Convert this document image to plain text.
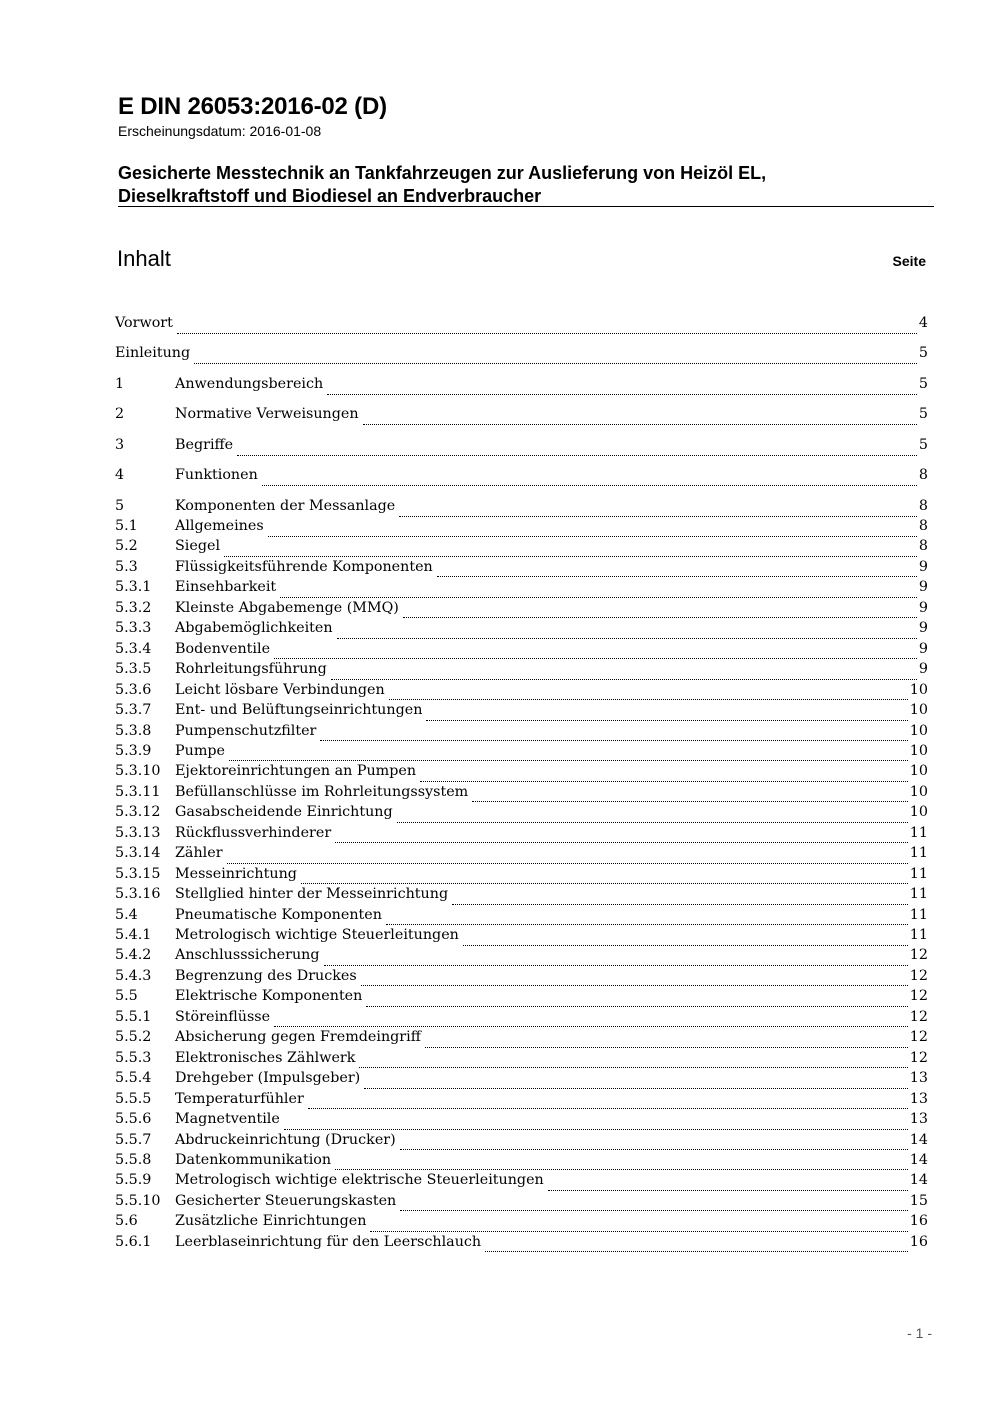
E DIN 26053:2016-02 (D)
Erscheinungsdatum: 2016-01-08
Gesicherte Messtechnik an Tankfahrzeugen zur Auslieferung von Heizöl EL,
Dieselkraftstoff und Biodiesel an Endverbraucher
Inhalt	Seite
Vorwort	4
Einleitung	5
1	Anwendungsbereich	5
2	Normative Verweisungen	5
3	Begriffe	5
4	Funktionen	8
5	Komponenten der Messanlage	8
5.1	Allgemeines	8
5.2	Siegel	8
5.3	Flüssigkeitsführende Komponenten	9
5.3.1	Einsehbarkeit	9
5.3.2	Kleinste Abgabemenge (MMQ)	9
5.3.3	Abgabemöglichkeiten	9
5.3.4	Bodenventile	9
5.3.5	Rohrleitungsführung	9
5.3.6	Leicht lösbare Verbindungen	10
5.3.7	Ent- und Belüftungseinrichtungen	10
5.3.8	Pumpenschutzfilter	10
5.3.9	Pumpe	10
5.3.10	Ejektoreinrichtungen an Pumpen	10
5.3.11	Befüllanschlüsse im Rohrleitungssystem	10
5.3.12	Gasabscheidende Einrichtung	10
5.3.13	Rückflussverhinderer	11
5.3.14	Zähler	11
5.3.15	Messeinrichtung	11
5.3.16	Stellglied hinter der Messeinrichtung	11
5.4	Pneumatische Komponenten	11
5.4.1	Metrologisch wichtige Steuerleitungen	11
5.4.2	Anschlusssicherung	12
5.4.3	Begrenzung des Druckes	12
5.5	Elektrische Komponenten	12
5.5.1	Störeinflüsse	12
5.5.2	Absicherung gegen Fremdeingriff	12
5.5.3	Elektronisches Zählwerk	12
5.5.4	Drehgeber (Impulsgeber)	13
5.5.5	Temperaturfühler	13
5.5.6	Magnetventile	13
5.5.7	Abdruckeinrichtung (Drucker)	14
5.5.8	Datenkommunikation	14
5.5.9	Metrologisch wichtige elektrische Steuerleitungen	14
5.5.10	Gesicherter Steuerungskasten	15
5.6	Zusätzliche Einrichtungen	16
5.6.1	Leerblaseinrichtung für den Leerschlauch	16
- 1 -
